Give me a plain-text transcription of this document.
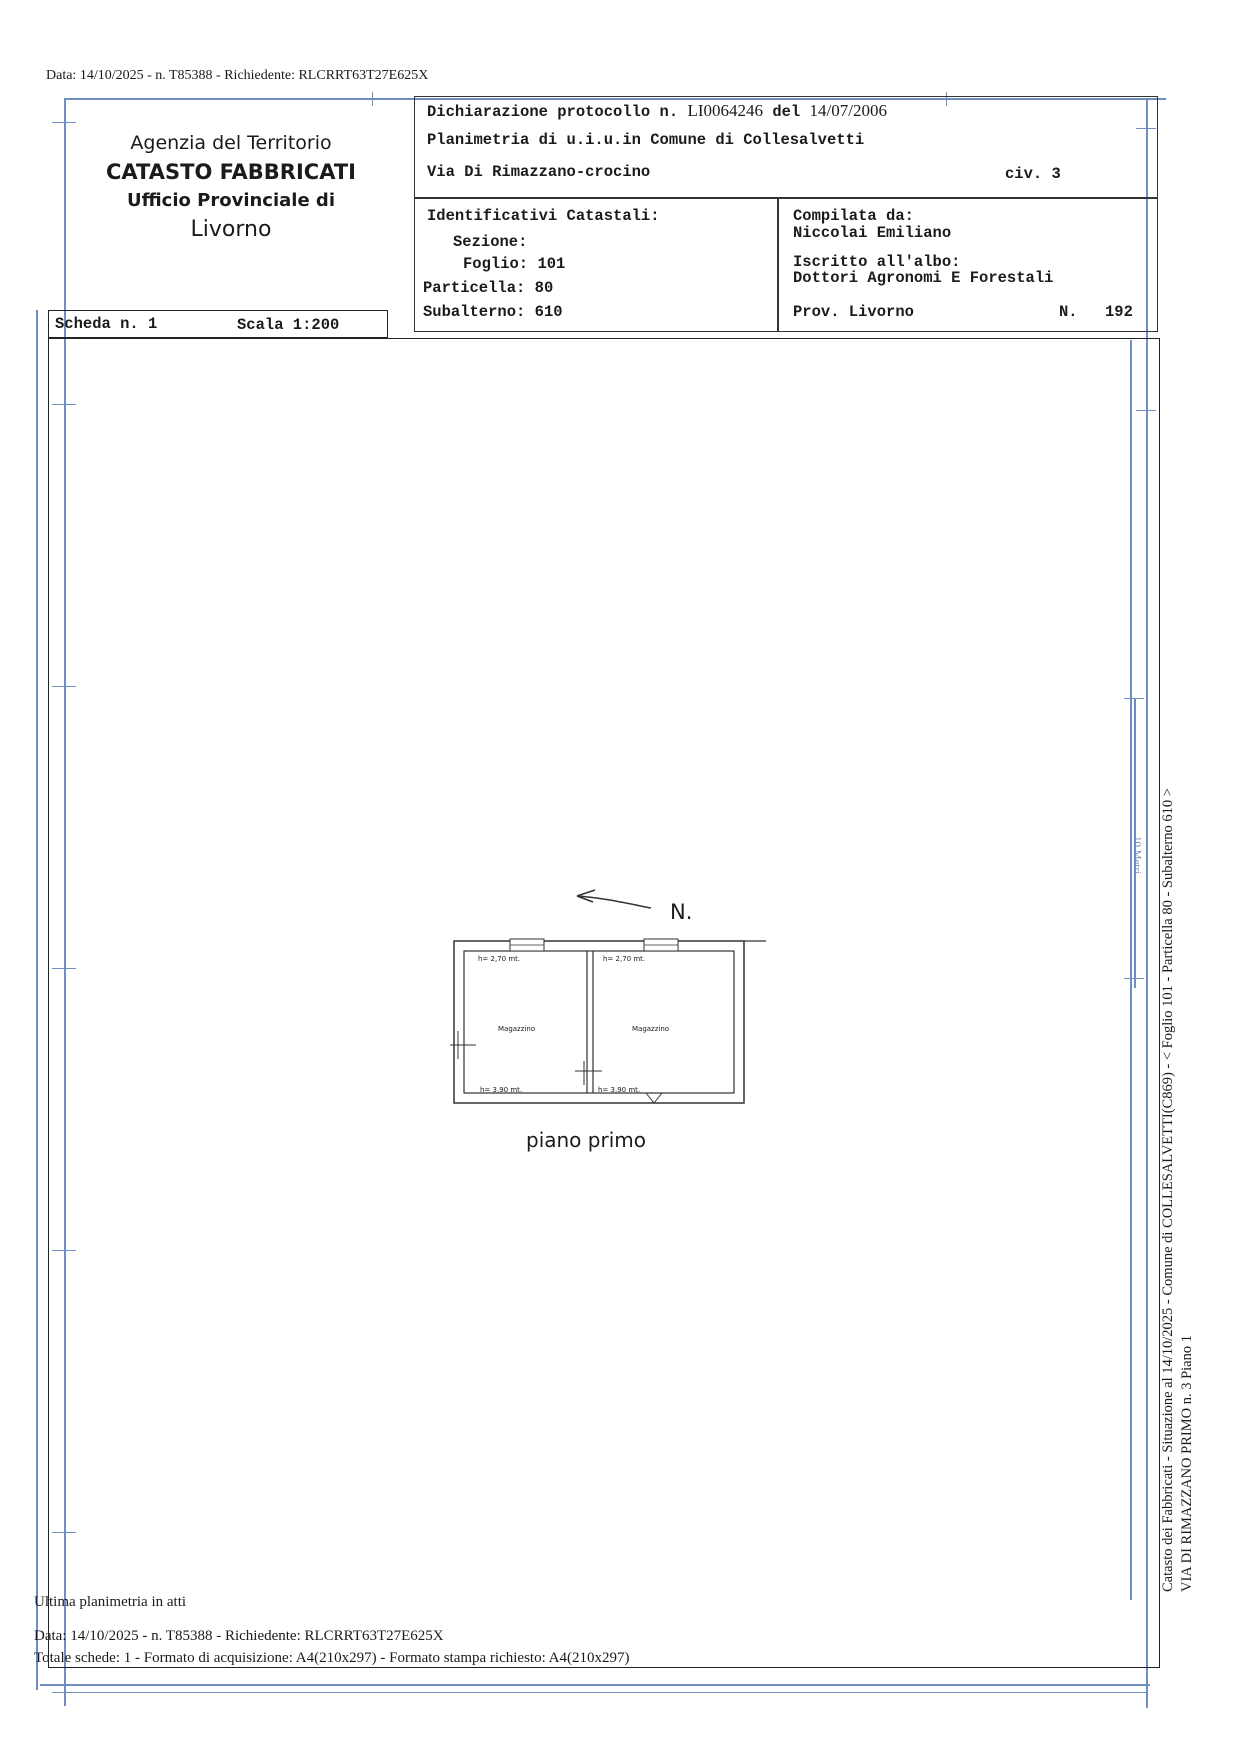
Data: 14/10/2025 - n. T85388 - Richiedente: RLCRRT63T27E625X
Agenzia del Territorio
CATASTO FABBRICATI
Ufficio Provinciale di
Livorno
Dichiarazione protocollo n. LI0064246 del 14/07/2006
Planimetria di u.i.u.in Comune di Collesalvetti
Via Di Rimazzano-crocino	civ. 3
Identificativi Catastali:
Sezione:
Foglio: 101
Particella: 80
Subalterno: 610
Compilata da:
Niccolai Emiliano
Iscritto all'albo:
Dottori Agronomi E Forestali
Prov. Livorno	N. 192
Scheda n. 1	Scala 1:200
N.
h= 2,70 mt.
Magazzino
h= 3,90 mt.
h= 2,70 mt.
Magazzino
h= 3,90 mt.
piano primo	Catasto dei Fabbricati - Situazione al 14/10/2025 - Comune di COLLESALVETTI(C869) - < Foglio 101 - Particella 80 - Subalterno 610 > VIA DI RIMAZZANO PRIMO n. 3 Piano 1
10 Metri
Ultima planimetria in atti
Data: 14/10/2025 - n. T85388 - Richiedente: RLCRRT63T27E625X
Totale schede: 1 - Formato di acquisizione: A4(210x297) - Formato stampa richiesto: A4(210x297)
